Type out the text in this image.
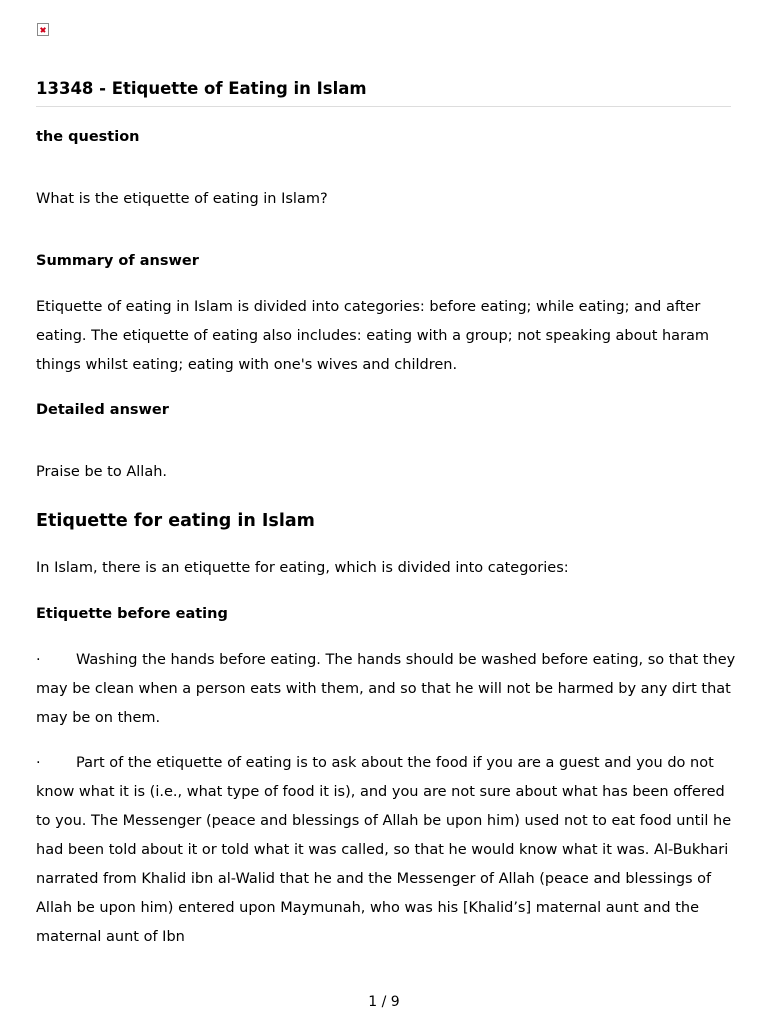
13348 - Etiquette of Eating in Islam

the question

What is the etiquette of eating in Islam?

Summary of answer

Etiquette of eating in Islam is divided into categories: before eating; while eating; and after eating. The etiquette of eating also includes: eating with a group; not speaking about haram things whilst eating; eating with one's wives and children.

Detailed answer

Praise be to Allah.

Etiquette for eating in Islam

In Islam, there is an etiquette for eating, which is divided into categories:

Etiquette before eating

· Washing the hands before eating. The hands should be washed before eating, so that they may be clean when a person eats with them, and so that he will not be harmed by any dirt that may be on them.

· Part of the etiquette of eating is to ask about the food if you are a guest and you do not know what it is (i.e., what type of food it is), and you are not sure about what has been offered to you. The Messenger (peace and blessings of Allah be upon him) used not to eat food until he had been told about it or told what it was called, so that he would know what it was. Al-Bukhari narrated from Khalid ibn al-Walid that he and the Messenger of Allah (peace and blessings of Allah be upon him) entered upon Maymunah, who was his [Khalid’s] maternal aunt and the maternal aunt of Ibn

1 / 9
